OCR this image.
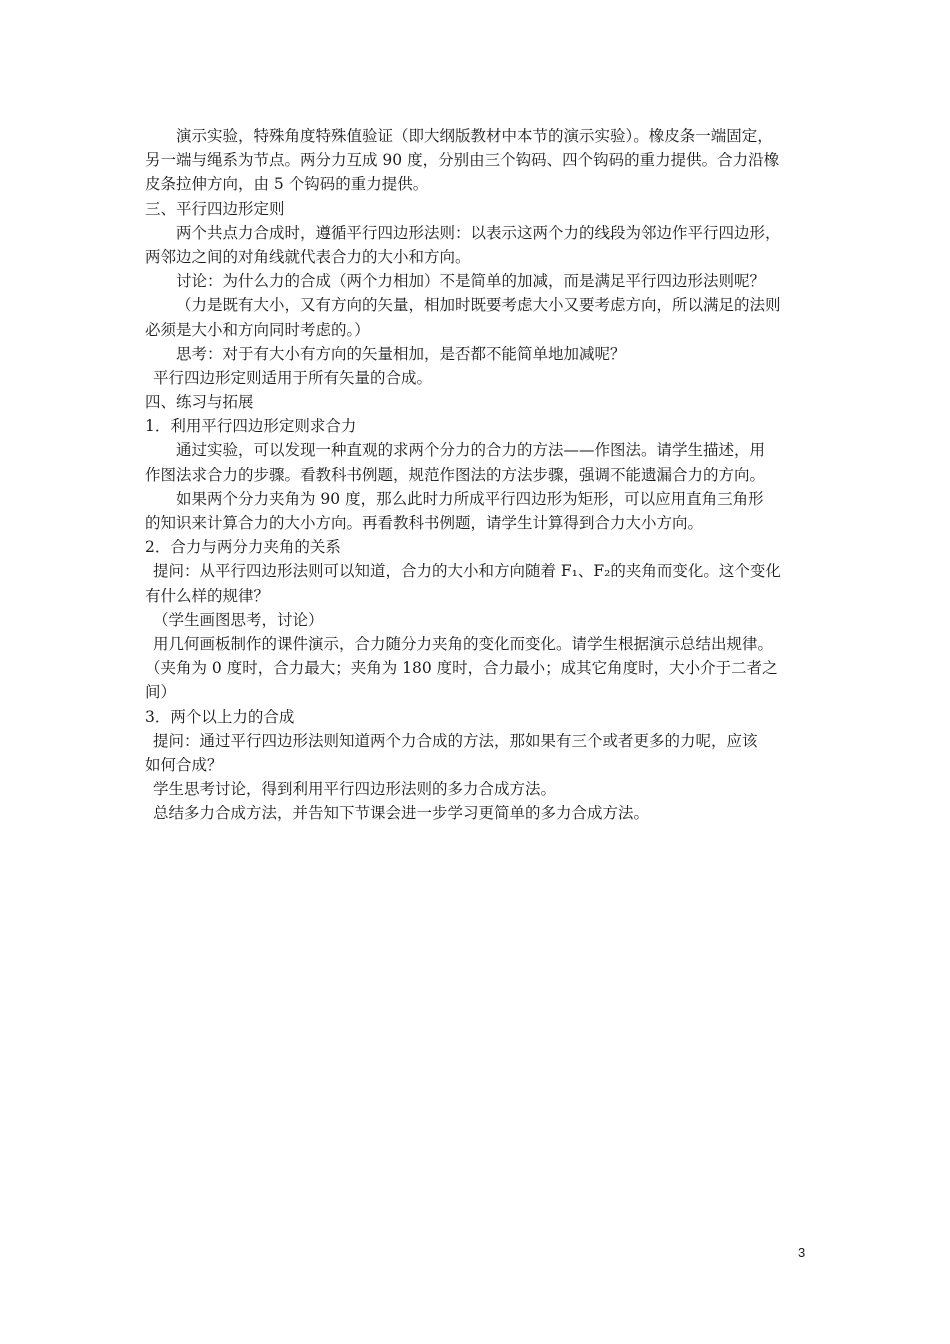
演示实验，特殊角度特殊值验证（即大纲版教材中本节的演示实验）。橡皮条一端固定，
另一端与绳系为节点。两分力互成 90 度，分别由三个钩码、四个钩码的重力提供。合力沿橡
皮条拉伸方向，由 5 个钩码的重力提供。
三、平行四边形定则
两个共点力合成时，遵循平行四边形法则：以表示这两个力的线段为邻边作平行四边形，
两邻边之间的对角线就代表合力的大小和方向。
讨论：为什么力的合成（两个力相加）不是简单的加减，而是满足平行四边形法则呢？
（力是既有大小，又有方向的矢量，相加时既要考虑大小又要考虑方向，所以满足的法则
必须是大小和方向同时考虑的。）
思考：对于有大小有方向的矢量相加，是否都不能简单地加减呢？
平行四边形定则适用于所有矢量的合成。
四、练习与拓展
1．利用平行四边形定则求合力
通过实验，可以发现一种直观的求两个分力的合力的方法——作图法。请学生描述，用
作图法求合力的步骤。看教科书例题，规范作图法的方法步骤，强调不能遗漏合力的方向。
如果两个分力夹角为 90 度，那么此时力所成平行四边形为矩形，可以应用直角三角形
的知识来计算合力的大小方向。再看教科书例题，请学生计算得到合力大小方向。
2．合力与两分力夹角的关系
提问：从平行四边形法则可以知道，合力的大小和方向随着 F₁、F₂的夹角而变化。这个变化
有什么样的规律？
（学生画图思考，讨论）
用几何画板制作的课件演示，合力随分力夹角的变化而变化。请学生根据演示总结出规律。
（夹角为 0 度时，合力最大；夹角为 180 度时，合力最小；成其它角度时，大小介于二者之
间）
3．两个以上力的合成
提问：通过平行四边形法则知道两个力合成的方法，那如果有三个或者更多的力呢，应该
如何合成？
学生思考讨论，得到利用平行四边形法则的多力合成方法。
总结多力合成方法，并告知下节课会进一步学习更简单的多力合成方法。
3
